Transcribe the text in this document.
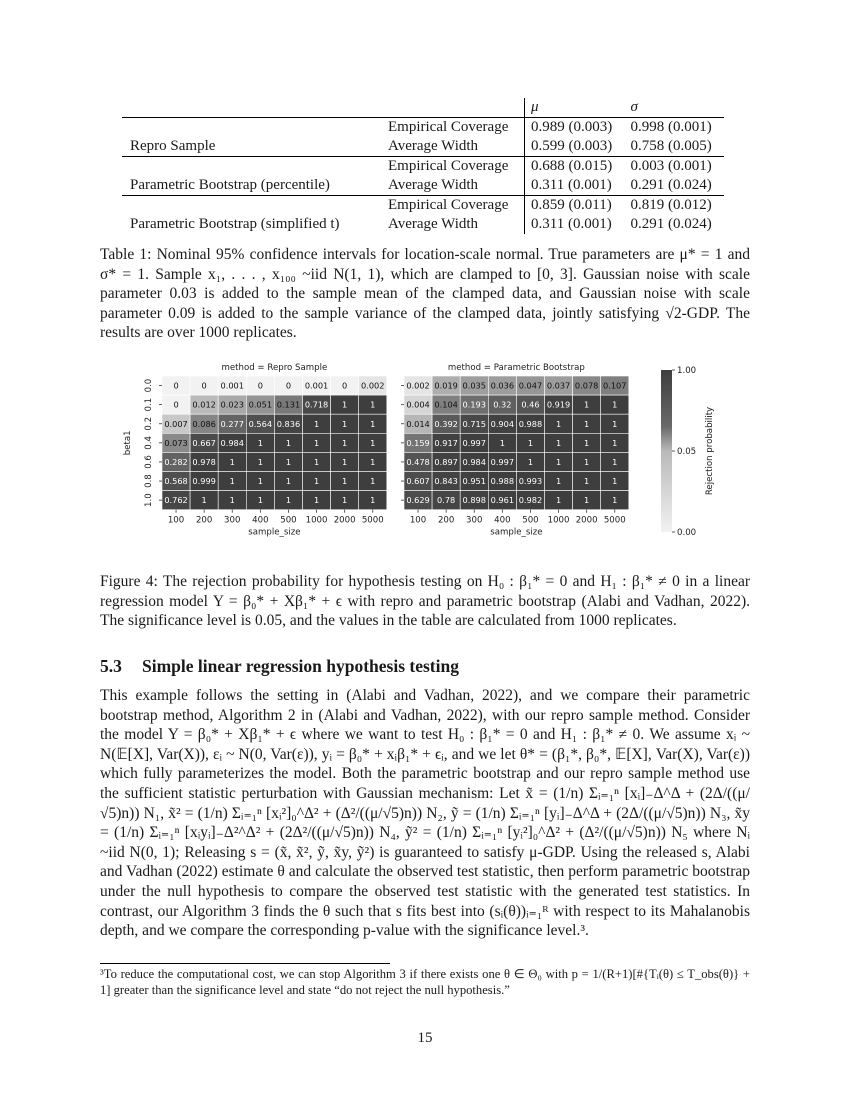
		μ	σ
	Empirical Coverage	0.989 (0.003)	0.998 (0.001)
Repro Sample	Average Width	0.599 (0.003)	0.758 (0.005)
	Empirical Coverage	0.688 (0.015)	0.003 (0.001)
Parametric Bootstrap (percentile)	Average Width	0.311 (0.001)	0.291 (0.024)
	Empirical Coverage	0.859 (0.011)	0.819 (0.012)
Parametric Bootstrap (simplified t)	Average Width	0.311 (0.001)	0.291 (0.024)
Table 1: Nominal 95% confidence intervals for location-scale normal. True parameters are μ* = 1 and σ* = 1. Sample x₁, . . . , x₁₀₀ ~iid N(1, 1), which are clamped to [0, 3]. Gaussian noise with scale parameter 0.03 is added to the sample mean of the clamped data, and Gaussian noise with scale parameter 0.09 is added to the sample variance of the clamped data, jointly satisfying √2-GDP. The results are over 1000 replicates.
method = Repro Sample
0	0 0.001 0	0 0.001 0 0.002
0 0.012 0.023 0.051 0.131 0.718 1	1
0.007 0.086 0.277 0.564 0.836 1	1	1
0.073 0.667 0.984 1	1	1	1	1
0.282 0.978 1	1	1	1	1	1
0.568 0.999 1	1	1	1	1	1
0.762 1	1	1	1	1	1	1
100 200 300 400 500 1000 2000 5000
sample_size
method = Parametric Bootstrap
0.002 0.019 0.035 0.036 0.047 0.037 0.078 0.107
0.004 0.104 0.193 0.32 0.46 0.919 1	1
0.014 0.392 0.715 0.904 0.988 1	1	1
0.159 0.917 0.997 1	1	1	1	1
0.478 0.897 0.984 0.997 1	1	1	1
0.607 0.843 0.951 0.988 0.993 1	1	1
0.629 0.78 0.898 0.961 0.982 1	1	1
100 200 300 400 500 1000 2000 5000
sample_size
0.0
0.1
0.2
0.4
0.6
0.8
1.0
beta1
1.00
0.05
0.00
Rejection probability
Figure 4: The rejection probability for hypothesis testing on H₀ : β₁* = 0 and H₁ : β₁* ≠ 0 in a linear regression model Y = β₀* + Xβ₁* + ϵ with repro and parametric bootstrap (Alabi and Vadhan, 2022). The significance level is 0.05, and the values in the table are calculated from 1000 replicates.
5.3 Simple linear regression hypothesis testing
This example follows the setting in (Alabi and Vadhan, 2022), and we compare their parametric bootstrap method, Algorithm 2 in (Alabi and Vadhan, 2022), with our repro sample method. Consider the model Y = β₀* + Xβ₁* + ϵ where we want to test H₀ : β₁* = 0 and H₁ : β₁* ≠ 0. We assume xᵢ ~ N(𝔼[X], Var(X)), εᵢ ~ N(0, Var(ε)), yᵢ = β₀* + xᵢβ₁* + ϵᵢ, and we let θ* = (β₁*, β₀*, 𝔼[X], Var(X), Var(ε)) which fully parameterizes the model. Both the parametric bootstrap and our repro sample method use the sufficient statistic perturbation with Gaussian mechanism: Let x̃ = (1/n) Σᵢ₌₁ⁿ [xᵢ]₋Δ^Δ + (2Δ/((μ/√5)n)) N₁, x̃² = (1/n) Σᵢ₌₁ⁿ [xᵢ²]₀^Δ² + (Δ²/((μ/√5)n)) N₂, ỹ = (1/n) Σᵢ₌₁ⁿ [yᵢ]₋Δ^Δ + (2Δ/((μ/√5)n)) N₃, x̃y = (1/n) Σᵢ₌₁ⁿ [xᵢyᵢ]₋Δ²^Δ² + (2Δ²/((μ/√5)n)) N₄, ỹ² = (1/n) Σᵢ₌₁ⁿ [yᵢ²]₀^Δ² + (Δ²/((μ/√5)n)) N₅ where Nᵢ ~iid N(0, 1); Releasing s = (x̃, x̃², ỹ, x̃y, ỹ²) is guaranteed to satisfy μ-GDP. Using the released s, Alabi and Vadhan (2022) estimate θ and calculate the observed test statistic, then perform parametric bootstrap under the null hypothesis to compare the observed test statistic with the generated test statistics. In contrast, our Algorithm 3 finds the θ such that s fits best into (sᵢ(θ))ᵢ₌₁ᴿ with respect to its Mahalanobis depth, and we compare the corresponding p-value with the significance level.³.
³To reduce the computational cost, we can stop Algorithm 3 if there exists one θ ∈ Θ₀ with p = 1/(R+1)[#{Tᵢ(θ) ≤ T_obs(θ)} + 1] greater than the significance level and state “do not reject the null hypothesis.”
15
